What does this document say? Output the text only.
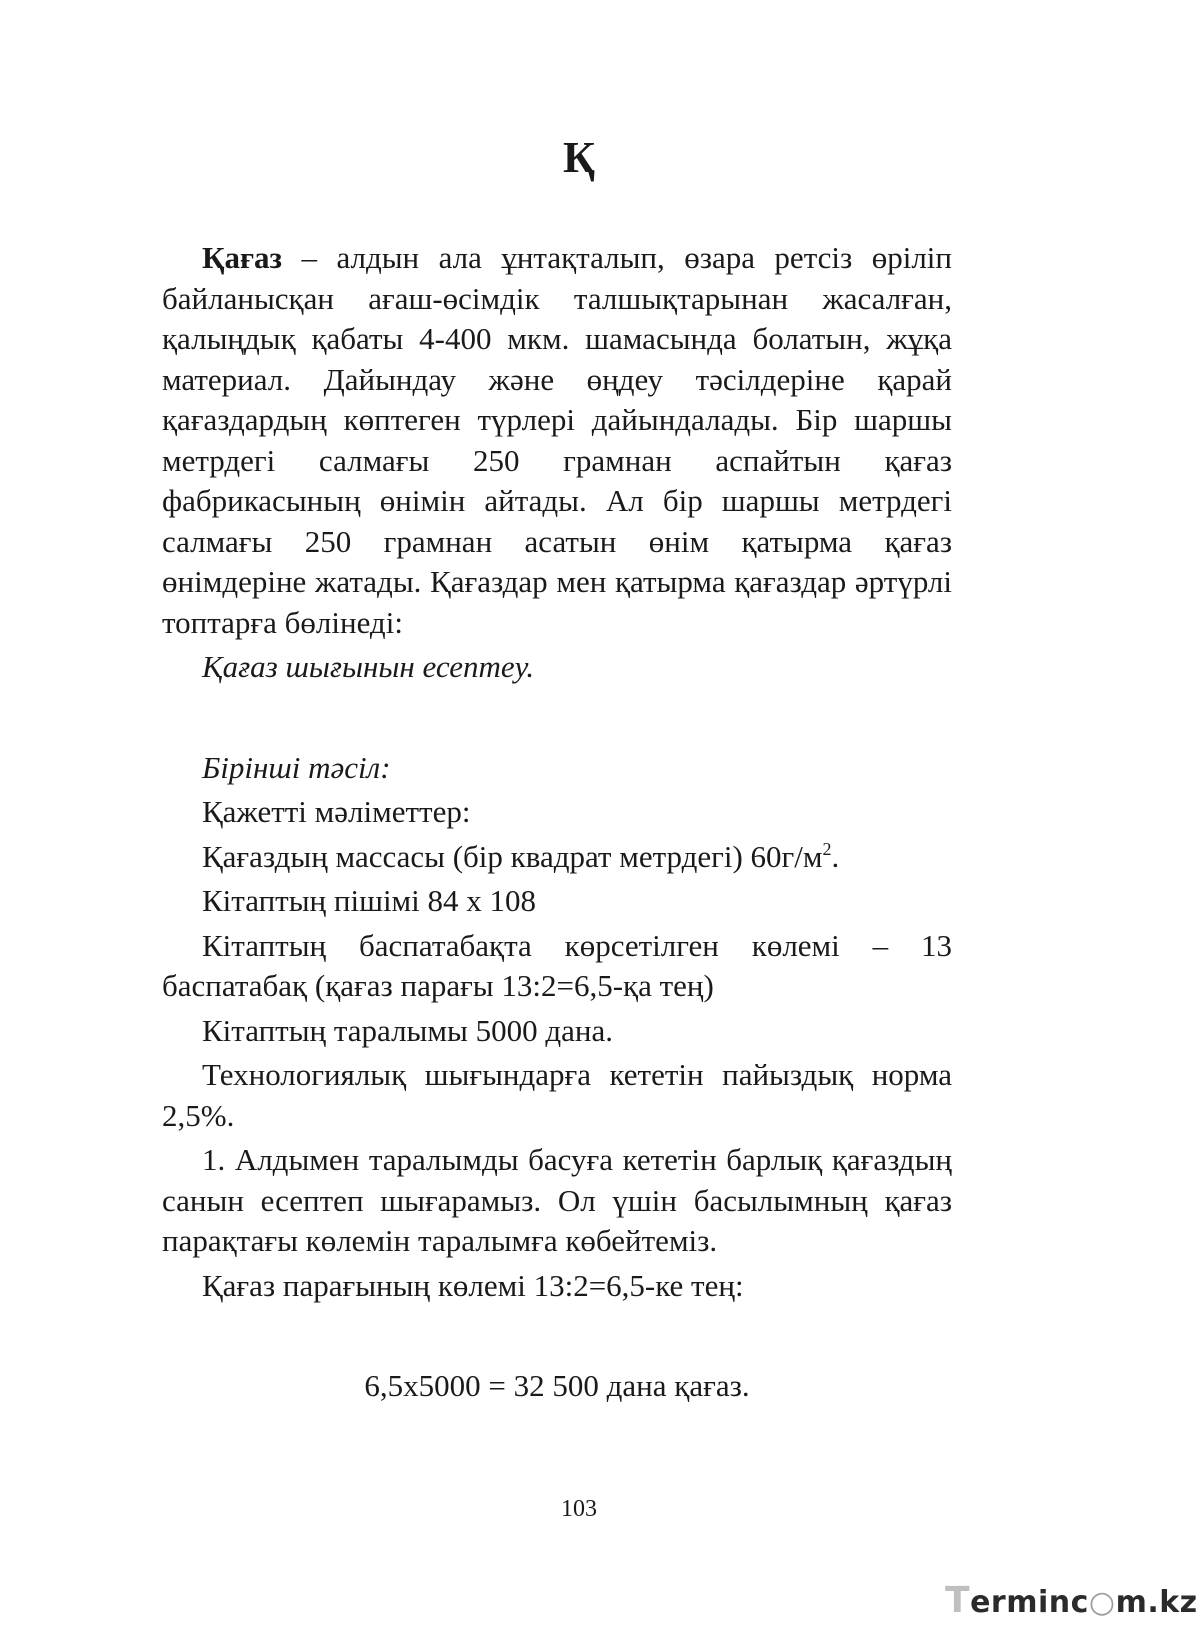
Қ

Қағаз – алдын ала ұнтақталып, өзара ретсіз өріліп байланысқан ағаш-өсімдік талшықтарынан жасалған, қалыңдық қабаты 4-400 мкм. шамасында болатын, жұқа материал. Дайындау және өңдеу тәсілдеріне қарай қағаздардың көптеген түрлері дайындалады. Бір шаршы метрдегі салмағы 250 грамнан аспайтын қағаз фабрикасының өнімін айтады. Ал бір шаршы метрдегі салмағы 250 грамнан асатын өнім қатырма қағаз өнімдеріне жатады. Қағаздар мен қатырма қағаздар әртүрлі топтарға бөлінеді:

Қағаз шығынын есептеу.

Бірінші тәсіл:

Қажетті мәліметтер:

Қағаздың массасы (бір квадрат метрдегі) $60г/м^2$.

Кітаптың пішімі 84 x 108

Кітаптың баспатабақта көрсетілген көлемі – 13 баспатабақ (қағаз парағы 13:2=6,5-қа тең)

Кітаптың таралымы 5000 дана.

Технологиялық шығындарға кететін пайыздық норма 2,5%.

1. Алдымен таралымды басуға кететін барлық қағаздың санын есептеп шығарамыз. Ол үшін басылымның қағаз парақтағы көлемін таралымға көбейтеміз.

Қағаз парағының көлемі 13:2=6,5-ке тең:

6,5x5000 = 32 500 дана қағаз.

103
Terminc○m.kz
